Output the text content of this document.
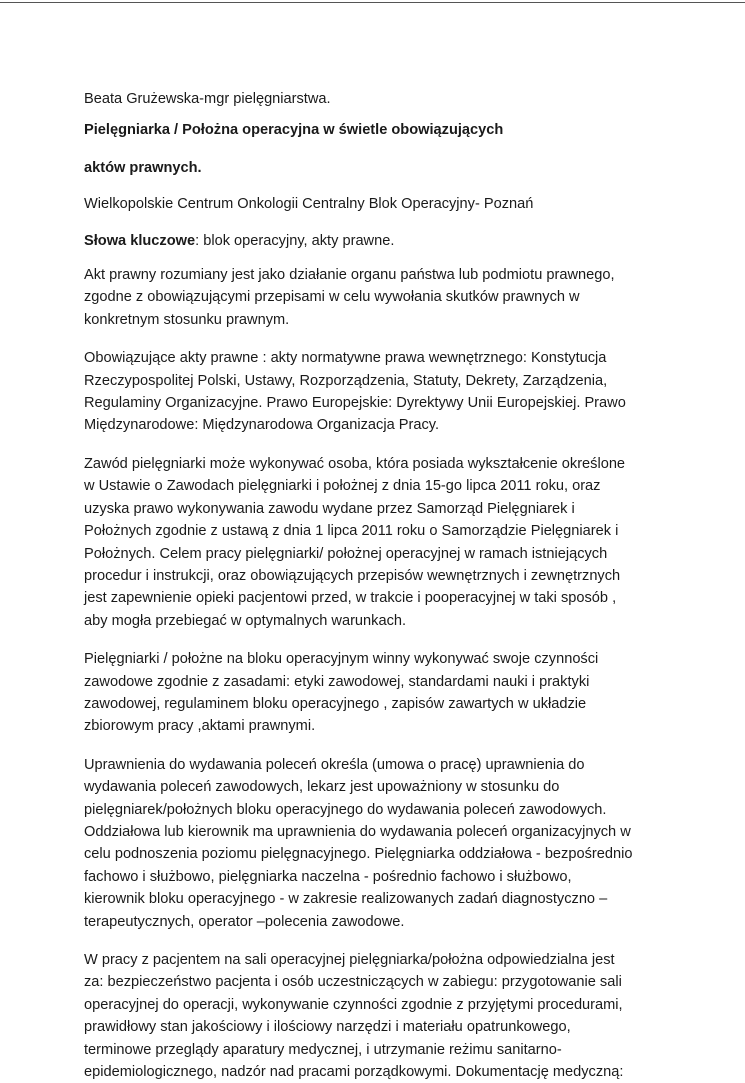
Beata Grużewska-mgr pielęgniarstwa.
Pielęgniarka / Położna operacyjna w świetle obowiązujących
aktów prawnych.
Wielkopolskie Centrum Onkologii Centralny Blok Operacyjny- Poznań
Słowa kluczowe: blok operacyjny, akty prawne.
Akt prawny rozumiany jest jako działanie organu państwa lub podmiotu prawnego,
zgodne z obowiązującymi przepisami w celu wywołania skutków prawnych w
konkretnym stosunku prawnym.
Obowiązujące akty prawne : akty normatywne prawa wewnętrznego: Konstytucja
Rzeczypospolitej Polski, Ustawy, Rozporządzenia, Statuty, Dekrety, Zarządzenia,
Regulaminy Organizacyjne. Prawo Europejskie: Dyrektywy Unii Europejskiej. Prawo
Międzynarodowe: Międzynarodowa Organizacja Pracy.
Zawód pielęgniarki może wykonywać osoba, która posiada wykształcenie określone
w Ustawie o Zawodach pielęgniarki i położnej z dnia 15-go lipca 2011 roku, oraz
uzyska prawo wykonywania zawodu wydane przez Samorząd Pielęgniarek i
Położnych zgodnie z ustawą z dnia 1 lipca 2011 roku o Samorządzie Pielęgniarek i
Położnych. Celem pracy pielęgniarki/ położnej operacyjnej w ramach istniejących
procedur i instrukcji, oraz obowiązujących przepisów wewnętrznych i zewnętrznych
jest zapewnienie opieki pacjentowi przed, w trakcie i pooperacyjnej w taki sposób ,
aby mogła przebiegać w optymalnych warunkach.
Pielęgniarki / położne na bloku operacyjnym winny wykonywać swoje czynności
zawodowe zgodnie z zasadami: etyki zawodowej, standardami nauki i praktyki
zawodowej, regulaminem bloku operacyjnego , zapisów zawartych w układzie
zbiorowym pracy ,aktami prawnymi.
Uprawnienia do wydawania poleceń określa (umowa o pracę) uprawnienia do
wydawania poleceń zawodowych, lekarz jest upoważniony w stosunku do
pielęgniarek/położnych bloku operacyjnego do wydawania poleceń zawodowych.
Oddziałowa lub kierownik ma uprawnienia do wydawania poleceń organizacyjnych w
celu podnoszenia poziomu pielęgnacyjnego. Pielęgniarka oddziałowa - bezpośrednio
fachowo i służbowo, pielęgniarka naczelna - pośrednio fachowo i służbowo,
kierownik bloku operacyjnego - w zakresie realizowanych zadań diagnostyczno –
terapeutycznych, operator –polecenia zawodowe.
W pracy z pacjentem na sali operacyjnej pielęgniarka/położna odpowiedzialna jest
za: bezpieczeństwo pacjenta i osób uczestniczących w zabiegu: przygotowanie sali
operacyjnej do operacji, wykonywanie czynności zgodnie z przyjętymi procedurami,
prawidłowy stan jakościowy i ilościowy narzędzi i materiału opatrunkowego,
terminowe przeglądy aparatury medycznej, i utrzymanie reżimu sanitarno-
epidemiologicznego, nadzór nad pracami porządkowymi. Dokumentację medyczną:
